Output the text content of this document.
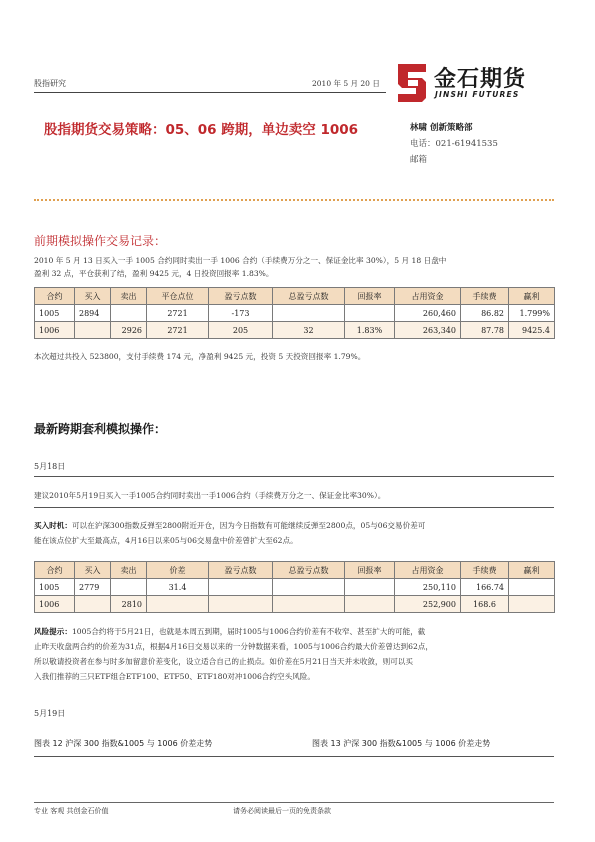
股指研究	2010 年 5 月 20 日 金石期货
JINSHI FUTURES
股指期货交易策略：05、06 跨期，单边卖空 1006	林啸 创新策略部
电话：021-61941535
邮箱
前期模拟操作交易记录：
2010 年 5 月 13 日买入一手 1005 合约同时卖出一手 1006 合约（手续费万分之一、保证金比率 30%），5 月 18 日盘中
盈利 32 点，平仓获利了结，盈利 9425 元，4 日投资回报率 1.83%。
合约	买入	卖出	平仓点位	盈亏点数	总盈亏点数	回报率	占用资金	手续费	赢利
1005	2894		2721	-173			260,460	86.82	1.799%
1006		2926	2721	205	32	1.83%	263,340	87.78	9425.4
本次超过共投入 523800，支付手续费 174 元，净盈利 9425 元，投资 5 天投资回报率 1.79%。
最新跨期套利模拟操作：
5月18日
建议2010年5月19日买入一手1005合约同时卖出一手1006合约（手续费万分之一、保证金比率30%）。
买入时机：可以在沪深300指数反弹至2800附近开仓，因为今日指数有可能继续反弹至2800点，05与06交易价差可
能在该点位扩大至最高点，4月16日以来05与06交易盘中价差曾扩大至62点。
合约	买入	卖出	价差	盈亏点数	总盈亏点数	回报率	占用资金	手续费	赢利
1005	2779		31.4				250,110	166.74	
1006		2810					252,900	168.6	
风险提示：1005合约将于5月21日，也就是本周五到期，届时1005与1006合约价差有不收窄、甚至扩大的可能，截
止昨天收盘两合约的价差为31点，根据4月16日交易以来的一分钟数据来看，1005与1006合约最大价差曾达到62点，
所以敬请投资者在参与时多加留意价差变化，设立适合自己的止损点。如价差在5月21日当天并未收敛，则可以买
入我们推荐的三只ETF组合ETF100、ETF50、ETF180对冲1006合约空头风险。
5月19日
图表 12 沪深 300 指数&1005 与 1006 价差走势	图表 13 沪深 300 指数&1005 与 1006 价差走势
专业 客观 共创金石价值	请务必阅读最后一页的免责条款
